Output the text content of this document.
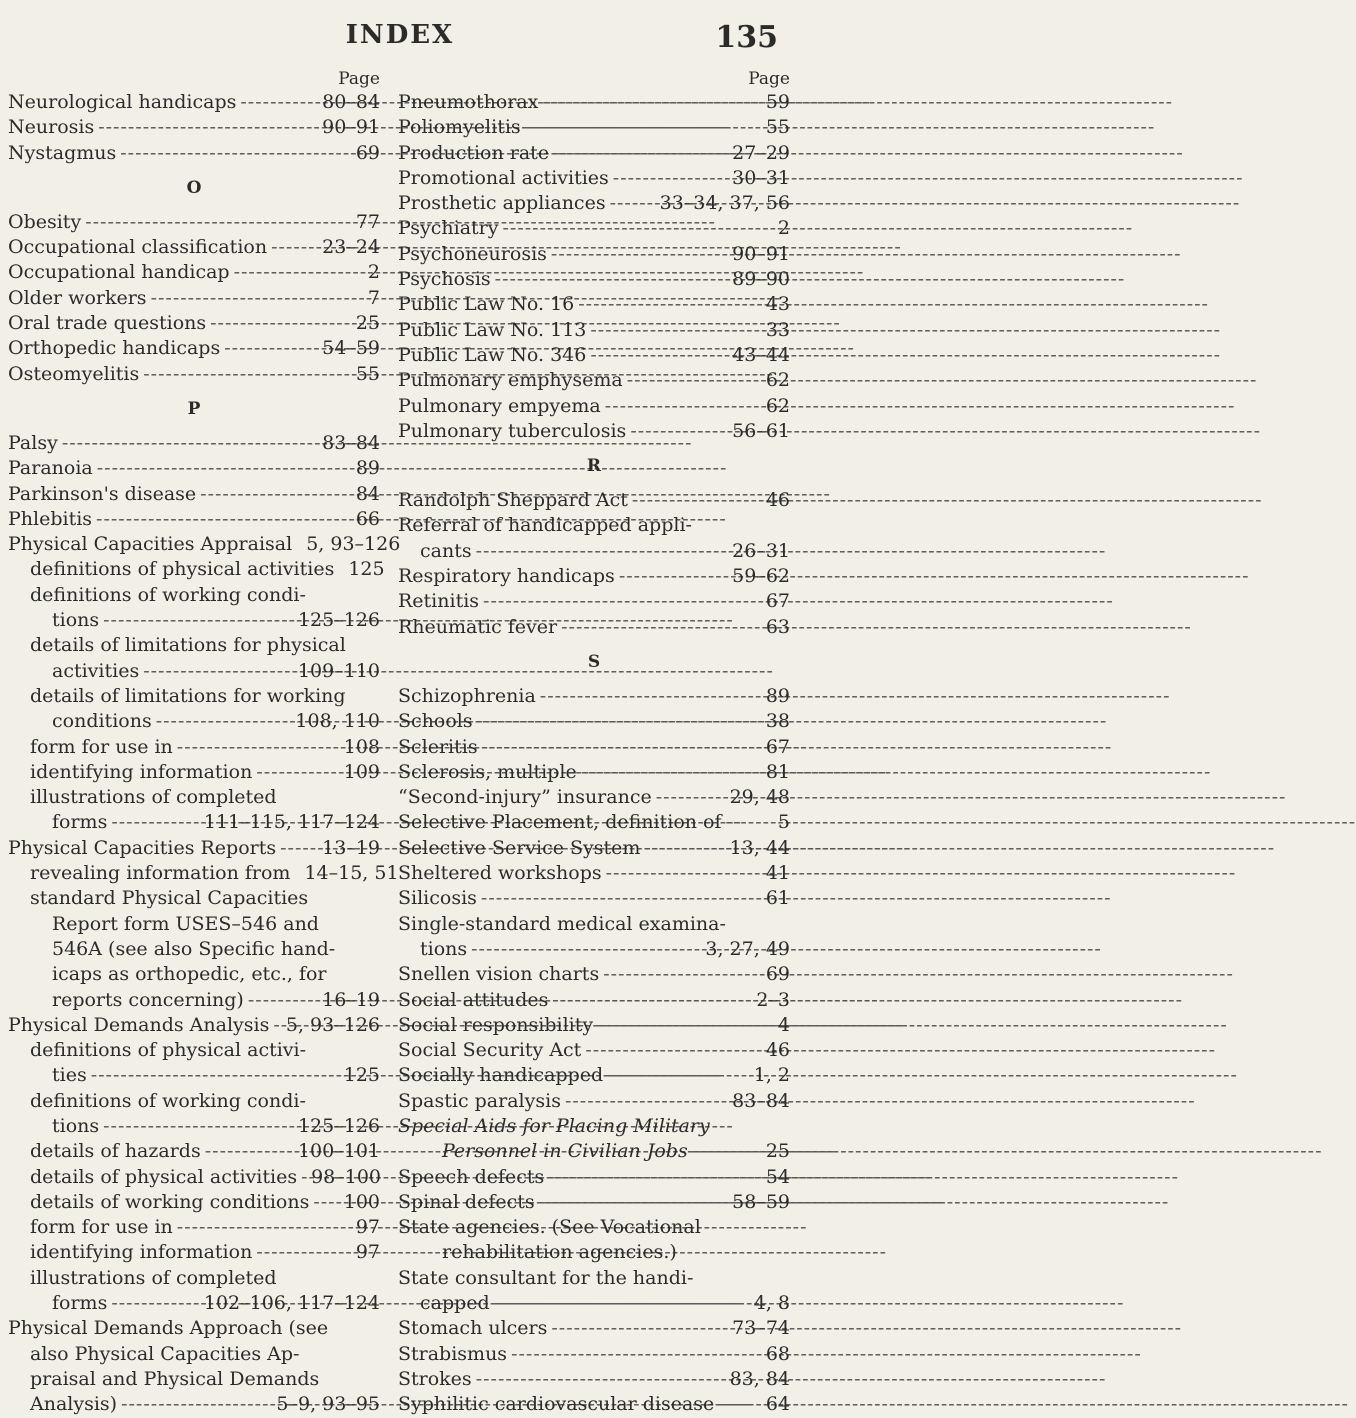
INDEX	135
Page
Neurological handicaps -----	80–84
Neurosis -----	90–91
Nystagmus -----	69
O
Obesity -----	77
Occupational classification -----	23–24
Occupational handicap -----	2
Older workers -----	7
Oral trade questions -----	25
Orthopedic handicaps -----	54–59
Osteomyelitis -----	55
P
Palsy -----	83–84
Paranoia -----	89
Parkinson's disease -----	84
Phlebitis -----	66
Physical Capacities Appraisal 5, 93–126
definitions of physical activities 125
definitions of working condi-
tions -----	125–126
details of limitations for physical
activities -----	109–110
details of limitations for working
conditions -----	108, 110
form for use in -----	108
identifying information -----	109
illustrations of completed
forms -----	111–115, 117–124
Physical Capacities Reports ----- 13–19
revealing information from 14–15, 51
standard Physical Capacities
Report form USES–546 and
546A (see also Specific hand-
icaps as orthopedic, etc., for
reports concerning) -----	16–19
Physical Demands Analysis ----- 5, 93–126
definitions of physical activi-
ties -----	125
definitions of working condi-
tions -----	125–126
details of hazards -----	100–101
details of physical activities ----- 98–100
details of working conditions ----- 100
form for use in -----	97
identifying information -----	97
illustrations of completed
forms -----	102–106, 117–124
Physical Demands Approach (see
also Physical Capacities Ap-
praisal and Physical Demands
Analysis) -----	5–9, 93–95
Page
Pneumothorax -----	59
Poliomyelitis -----	55
Production rate -----	27–29
Promotional activities -----	30–31
Prosthetic appliances -----	33–34, 37, 56
Psychiatry -----	2
Psychoneurosis -----	90–91
Psychosis -----	89–90
Public Law No. 16 -----	43
Public Law No. 113 -----	33
Public Law No. 346 -----	43–44
Pulmonary emphysema -----	62
Pulmonary empyema -----	62
Pulmonary tuberculosis -----	56–61
R
Randolph Sheppard Act -----	46
Referral of handicapped appli-
cants -----	26–31
Respiratory handicaps -----	59–62
Retinitis -----	67
Rheumatic fever -----	63
S
Schizophrenia -----	89
Schools -----	38
Scleritis -----	67
Sclerosis, multiple -----	81
“Second-injury” insurance -----	29, 48
Selective Placement, definition of -----	5
Selective Service System -----	13, 44
Sheltered workshops -----	41
Silicosis -----	61
Single-standard medical examina-
tions -----	3, 27, 49
Snellen vision charts -----	69
Social attitudes -----	2–3
Social responsibility -----	4
Social Security Act -----	46
Socially handicapped -----	1, 2
Spastic paralysis -----	83–84
Special Aids for Placing Military
Personnel in Civilian Jobs -----	25
Speech defects -----	54
Spinal defects -----	58–59
State agencies. (See Vocational
rehabilitation agencies.)
State consultant for the handi-
capped -----	4, 8
Stomach ulcers -----	73–74
Strabismus -----	68
Strokes -----	83, 84
Syphilitic cardiovascular disease -----	64
